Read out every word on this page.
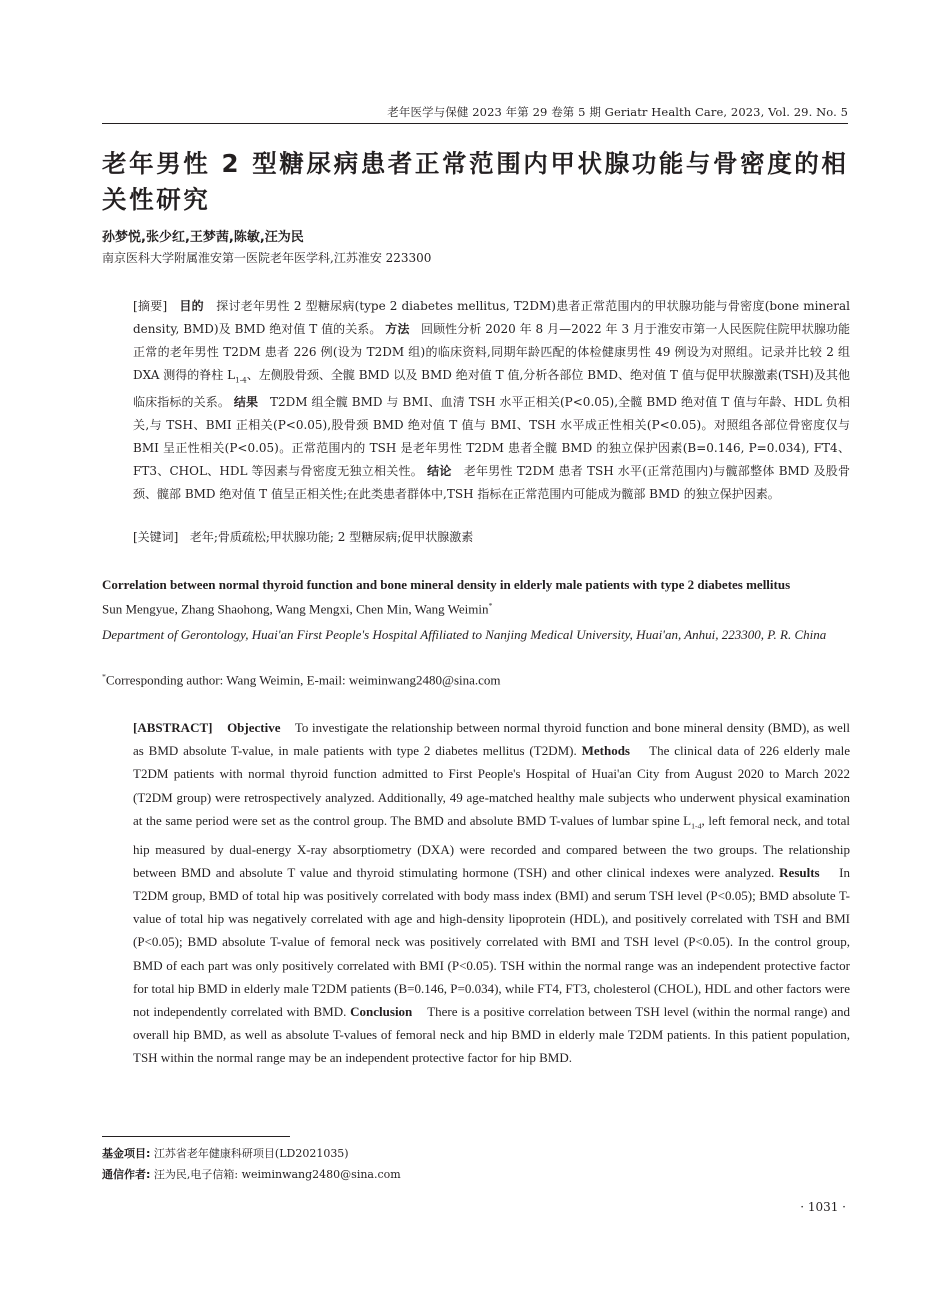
老年医学与保健 2023 年第 29 卷第 5 期 Geriatr Health Care, 2023, Vol. 29. No. 5
老年男性 2 型糖尿病患者正常范围内甲状腺功能与骨密度的相关性研究
孙梦悦,张少红,王梦茜,陈敏,汪为民
南京医科大学附属淮安第一医院老年医学科,江苏淮安 223300

[摘要] 目的 探讨老年男性 2 型糖尿病(type 2 diabetes mellitus, T2DM)患者正常范围内的甲状腺功能与骨密度(bone mineral density, BMD)及 BMD 绝对值 T 值的关系。 方法 回顾性分析 2020 年 8 月—2022 年 3 月于淮安市第一人民医院住院甲状腺功能正常的老年男性 T2DM 患者 226 例(设为 T2DM 组)的临床资料,同期年龄匹配的体检健康男性 49 例设为对照组。记录并比较 2 组 DXA 测得的脊柱 $L_{1-4}$、左侧股骨颈、全髋 BMD 以及 BMD 绝对值 T 值,分析各部位 BMD、绝对值 T 值与促甲状腺激素(TSH)及其他临床指标的关系。 结果 T2DM 组全髋 BMD 与 BMI、血清 TSH 水平正相关(P<0.05),全髋 BMD 绝对值 T 值与年龄、HDL 负相关,与 TSH、BMI 正相关(P<0.05),股骨颈 BMD 绝对值 T 值与 BMI、TSH 水平成正性相关(P<0.05)。对照组各部位骨密度仅与 BMI 呈正性相关(P<0.05)。正常范围内的 TSH 是老年男性 T2DM 患者全髋 BMD 的独立保护因素(B=0.146, P=0.034), FT4、FT3、CHOL、HDL 等因素与骨密度无独立相关性。 结论 老年男性 T2DM 患者 TSH 水平(正常范围内)与髋部整体 BMD 及股骨颈、髋部 BMD 绝对值 T 值呈正相关性;在此类患者群体中,TSH 指标在正常范围内可能成为髋部 BMD 的独立保护因素。

[关键词] 老年;骨质疏松;甲状腺功能; 2 型糖尿病;促甲状腺激素
Correlation between normal thyroid function and bone mineral density in elderly male patients with type 2 diabetes mellitus
Sun Mengyue, Zhang Shaohong, Wang Mengxi, Chen Min, Wang Weimin*
Department of Gerontology, Huai'an First People's Hospital Affiliated to Nanjing Medical University, Huai'an, Anhui, 223300, P. R. China
*Corresponding author: Wang Weimin, E-mail: weiminwang2480@sina.com

[ABSTRACT] Objective To investigate the relationship between normal thyroid function and bone mineral density (BMD), as well as BMD absolute T-value, in male patients with type 2 diabetes mellitus (T2DM). Methods The clinical data of 226 elderly male T2DM patients with normal thyroid function admitted to First People's Hospital of Huai'an City from August 2020 to March 2022 (T2DM group) were retrospectively analyzed. Additionally, 49 age-matched healthy male subjects who underwent physical examination at the same period were set as the control group. The BMD and absolute BMD T-values of lumbar spine $L_{1-4}$, left femoral neck, and total hip measured by dual-energy X-ray absorptiometry (DXA) were recorded and compared between the two groups. The relationship between BMD and absolute T value and thyroid stimulating hormone (TSH) and other clinical indexes were analyzed. Results In T2DM group, BMD of total hip was positively correlated with body mass index (BMI) and serum TSH level (P<0.05); BMD absolute T-value of total hip was negatively correlated with age and high-density lipoprotein (HDL), and positively correlated with TSH and BMI (P<0.05); BMD absolute T-value of femoral neck was positively correlated with BMI and TSH level (P<0.05). In the control group, BMD of each part was only positively correlated with BMI (P<0.05). TSH within the normal range was an independent protective factor for total hip BMD in elderly male T2DM patients (B=0.146, P=0.034), while FT4, FT3, cholesterol (CHOL), HDL and other factors were not independently correlated with BMD. Conclusion There is a positive correlation between TSH level (within the normal range) and overall hip BMD, as well as absolute T-values of femoral neck and hip BMD in elderly male T2DM patients. In this patient population, TSH within the normal range may be an independent protective factor for hip BMD.

基金项目: 江苏省老年健康科研项目(LD2021035)
通信作者: 汪为民,电子信箱: weiminwang2480@sina.com
· 1031 ·
